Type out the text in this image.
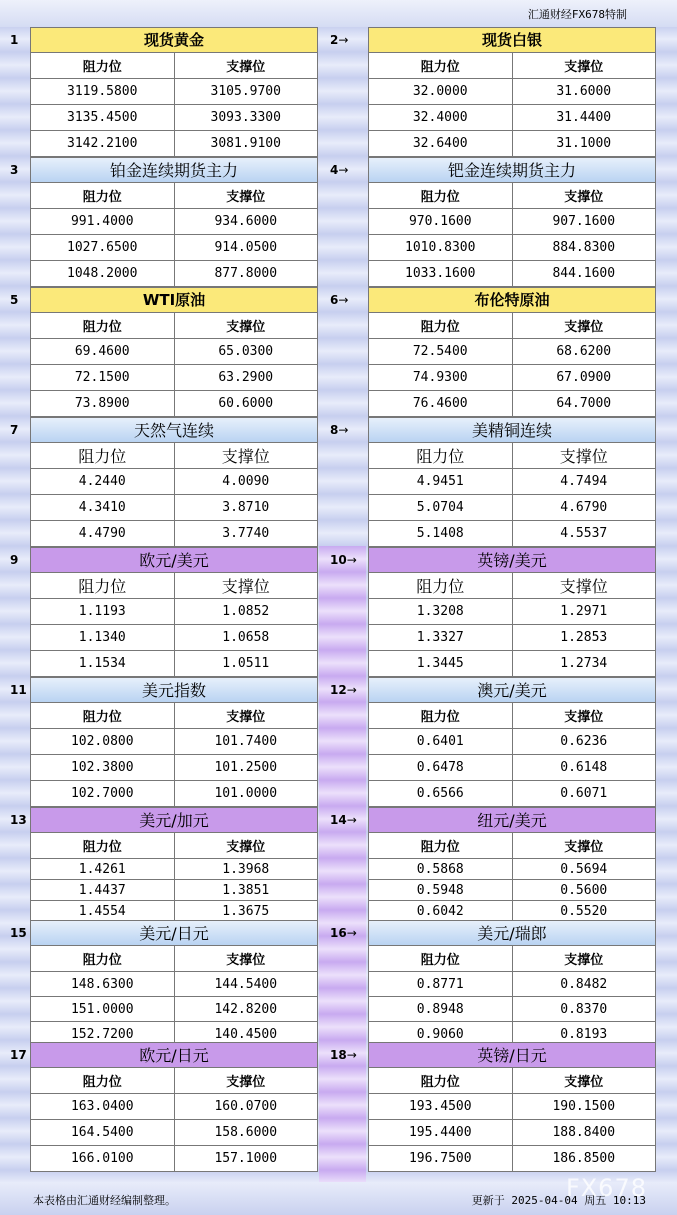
汇通财经FX678特制
1	现货黄金
阻力位	支撑位
3119.5800	3105.9700
3135.4500	3093.3300
3142.2100	3081.9100
2→	现货白银
阻力位	支撑位
32.0000	31.6000
32.4000	31.4400
32.6400	31.1000
3	铂金连续期货主力
阻力位	支撑位
991.4000	934.6000
1027.6500	914.0500
1048.2000	877.8000
4→	钯金连续期货主力
阻力位	支撑位
970.1600	907.1600
1010.8300	884.8300
1033.1600	844.1600
5	WTI原油
阻力位	支撑位
69.4600	65.0300
72.1500	63.2900
73.8900	60.6000
6→	布伦特原油
阻力位	支撑位
72.5400	68.6200
74.9300	67.0900
76.4600	64.7000
7	天然气连续
阻力位	支撑位
4.2440	4.0090
4.3410	3.8710
4.4790	3.7740
8→	美精铜连续
阻力位	支撑位
4.9451	4.7494
5.0704	4.6790
5.1408	4.5537
9	欧元/美元
阻力位	支撑位
1.1193	1.0852
1.1340	1.0658
1.1534	1.0511
10→	英镑/美元
阻力位	支撑位
1.3208	1.2971
1.3327	1.2853
1.3445	1.2734
11	美元指数
阻力位	支撑位
102.0800	101.7400
102.3800	101.2500
102.7000	101.0000
12→	澳元/美元
阻力位	支撑位
0.6401	0.6236
0.6478	0.6148
0.6566	0.6071
13	美元/加元
阻力位	支撑位
1.4261	1.3968
1.4437	1.3851
1.4554	1.3675
14→	纽元/美元
阻力位	支撑位
0.5868	0.5694
0.5948	0.5600
0.6042	0.5520
15	美元/日元
阻力位	支撑位
148.6300	144.5400
151.0000	142.8200
152.7200	140.4500
16→	美元/瑞郎
阻力位	支撑位
0.8771	0.8482
0.8948	0.8370
0.9060	0.8193
17	欧元/日元
阻力位	支撑位
163.0400	160.0700
164.5400	158.6000
166.0100	157.1000
18→	英镑/日元
阻力位	支撑位
193.4500	190.1500
195.4400	188.8400
196.7500	186.8500
本表格由汇通财经编制整理。	更新于 2025-04-04 周五 10:13
FX678
